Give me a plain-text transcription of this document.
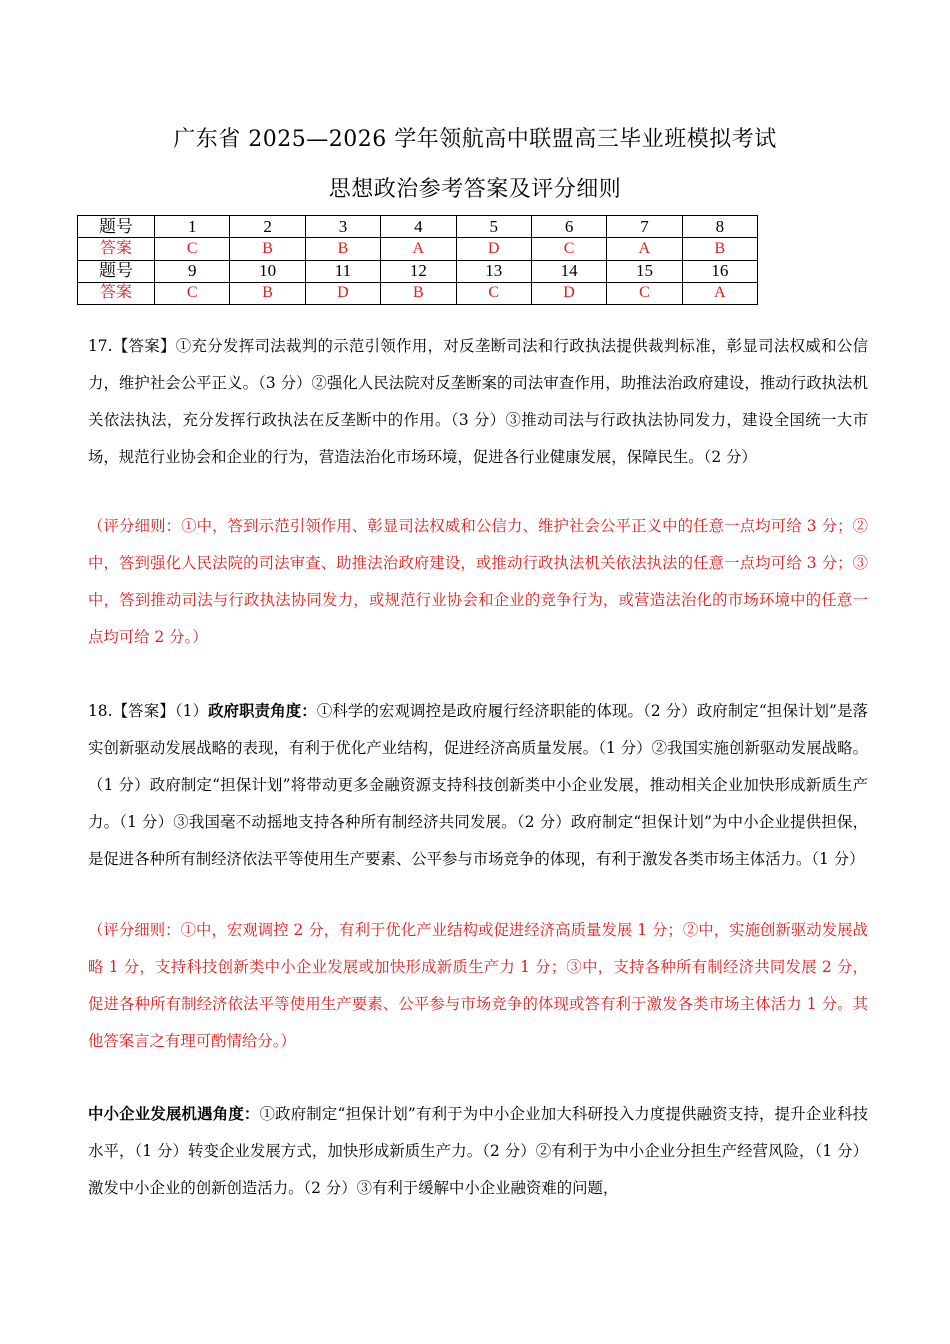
广东省 2025—2026 学年领航高中联盟高三毕业班模拟考试
思想政治参考答案及评分细则
题号	1	2	3	4	5	6	7	8
答案	C	B	B	A	D	C	A	B
题号	9	10	11	12	13	14	15	16
答案	C	B	D	B	C	D	C	A
17.【答案】①充分发挥司法裁判的示范引领作用，对反垄断司法和行政执法提供裁判标准，彰显司法权威和公信力，维护社会公平正义。（3 分）②强化人民法院对反垄断案的司法审查作用，助推法治政府建设，推动行政执法机关依法执法，充分发挥行政执法在反垄断中的作用。（3 分）③推动司法与行政执法协同发力，建设全国统一大市场，规范行业协会和企业的行为，营造法治化市场环境，促进各行业健康发展，保障民生。（2 分）
（评分细则：①中，答到示范引领作用、彰显司法权威和公信力、维护社会公平正义中的任意一点均可给 3 分；②中，答到强化人民法院的司法审查、助推法治政府建设，或推动行政执法机关依法执法的任意一点均可给 3 分；③中，答到推动司法与行政执法协同发力，或规范行业协会和企业的竞争行为，或营造法治化的市场环境中的任意一点均可给 2 分。）
18.【答案】（1）政府职责角度：①科学的宏观调控是政府履行经济职能的体现。（2 分）政府制定“担保计划”是落实创新驱动发展战略的表现，有利于优化产业结构，促进经济高质量发展。（1 分）②我国实施创新驱动发展战略。（1 分）政府制定“担保计划”将带动更多金融资源支持科技创新类中小企业发展，推动相关企业加快形成新质生产力。（1 分）③我国毫不动摇地支持各种所有制经济共同发展。（2 分）政府制定“担保计划”为中小企业提供担保，是促进各种所有制经济依法平等使用生产要素、公平参与市场竞争的体现，有利于激发各类市场主体活力。（1 分）
（评分细则：①中，宏观调控 2 分，有利于优化产业结构或促进经济高质量发展 1 分；②中，实施创新驱动发展战略 1 分，支持科技创新类中小企业发展或加快形成新质生产力 1 分；③中，支持各种所有制经济共同发展 2 分，促进各种所有制经济依法平等使用生产要素、公平参与市场竞争的体现或答有利于激发各类市场主体活力 1 分。其他答案言之有理可酌情给分。）
中小企业发展机遇角度：①政府制定“担保计划”有利于为中小企业加大科研投入力度提供融资支持，提升企业科技水平，（1 分）转变企业发展方式，加快形成新质生产力。（2 分）②有利于为中小企业分担生产经营风险，（1 分）激发中小企业的创新创造活力。（2 分）③有利于缓解中小企业融资难的问题，
